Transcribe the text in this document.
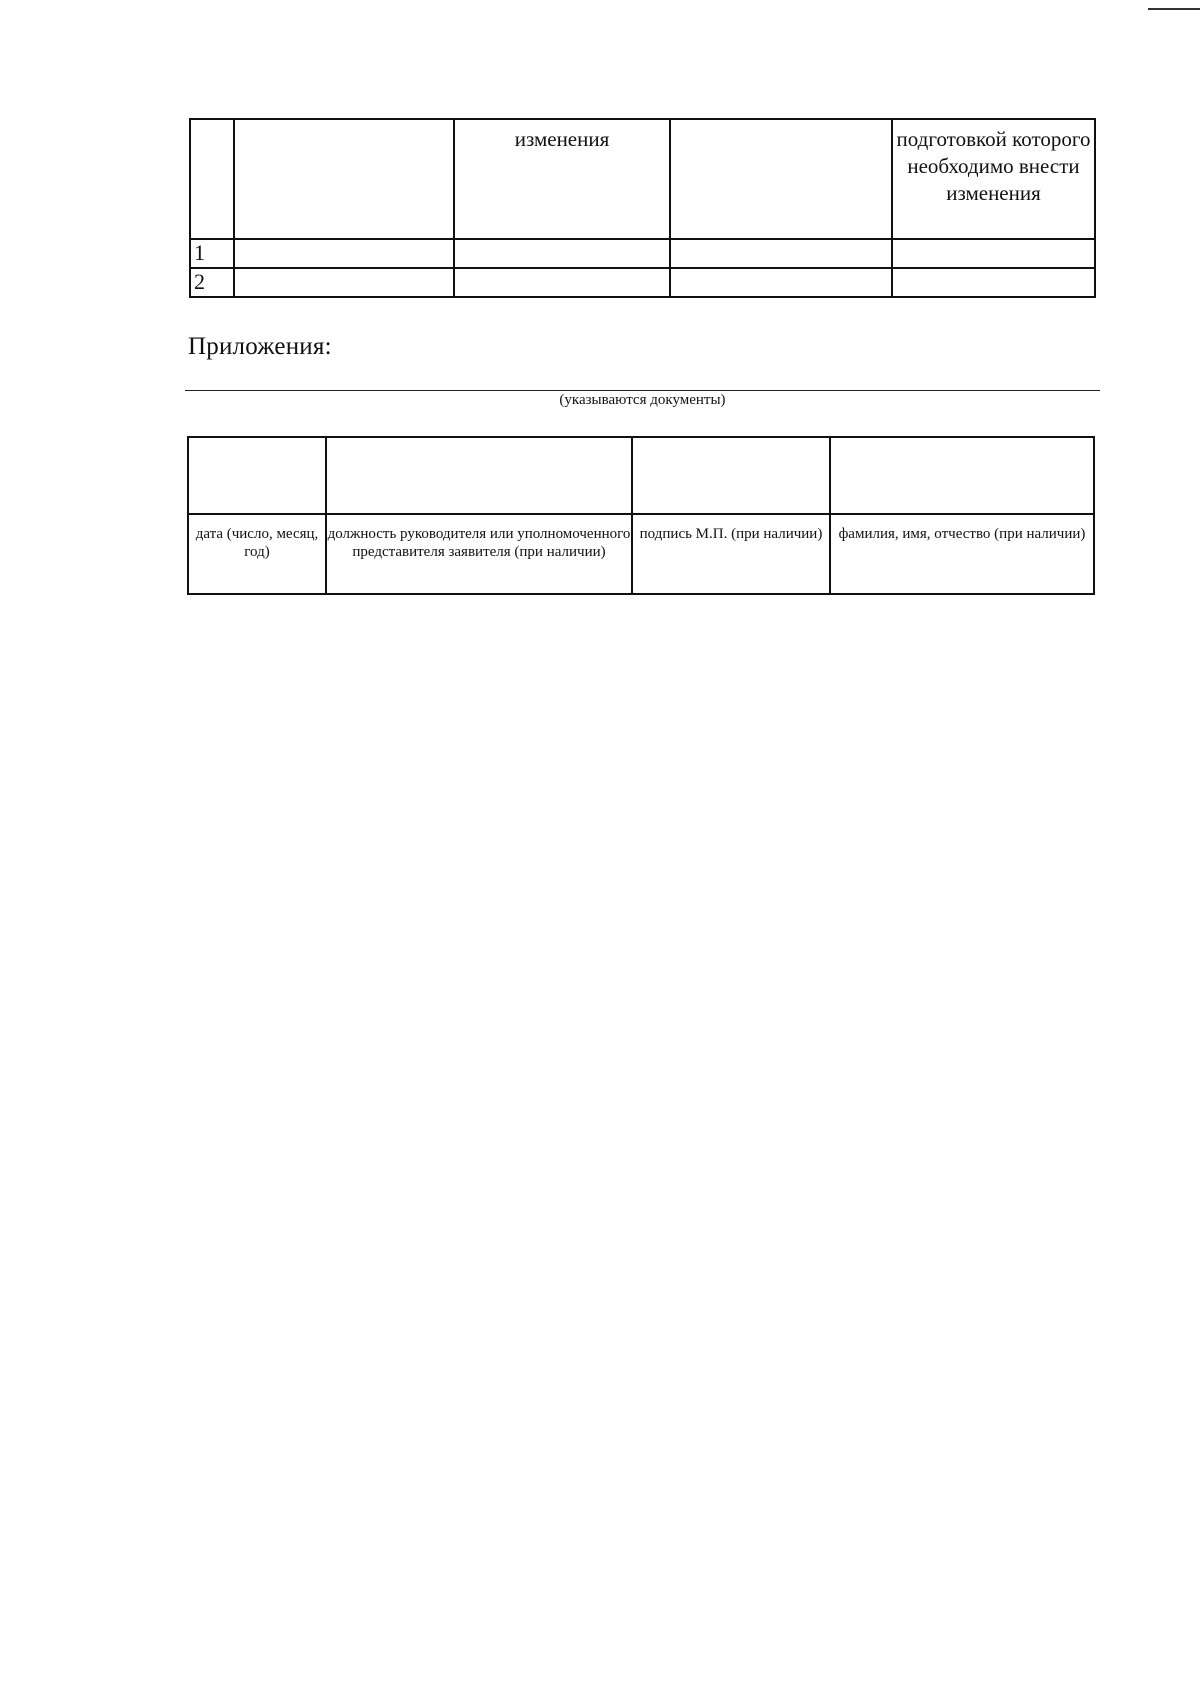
		изменения		подготовкой которого необходимо внести изменения
1				
2				
Приложения:
(указываются документы)

дата (число, месяц, год)	должность руководителя или уполномоченного представителя заявителя (при наличии)	подпись М.П. (при наличии)	фамилия, имя, отчество (при наличии)
